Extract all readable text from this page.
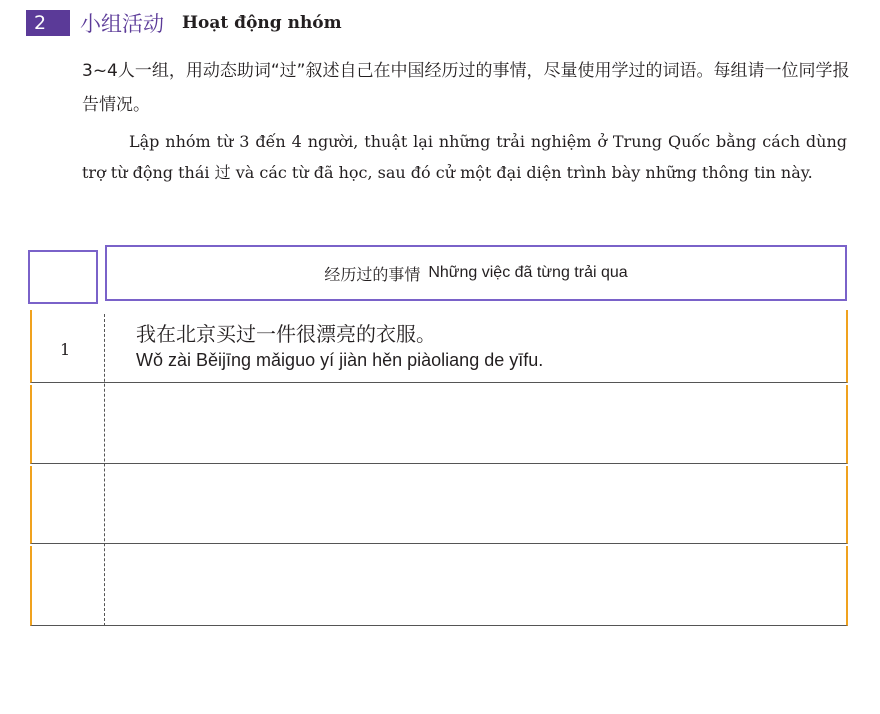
2	小组活动 Hoạt động nhóm
3~4人一组，用动态助词“过”叙述自己在中国经历过的事情，尽量使用学过的词语。每组请一位同学报告情况。
Lập nhóm từ 3 đến 4 người, thuật lại những trải nghiệm ở Trung Quốc bằng cách dùng trợ từ động thái 过 và các từ đã học, sau đó cử một đại diện trình bày những thông tin này.
经历过的事情 Những việc đã từng trải qua
1
我在北京买过一件很漂亮的衣服。
Wǒ zài Běijīng mǎiguo yí jiàn hěn piàoliang de yīfu.
